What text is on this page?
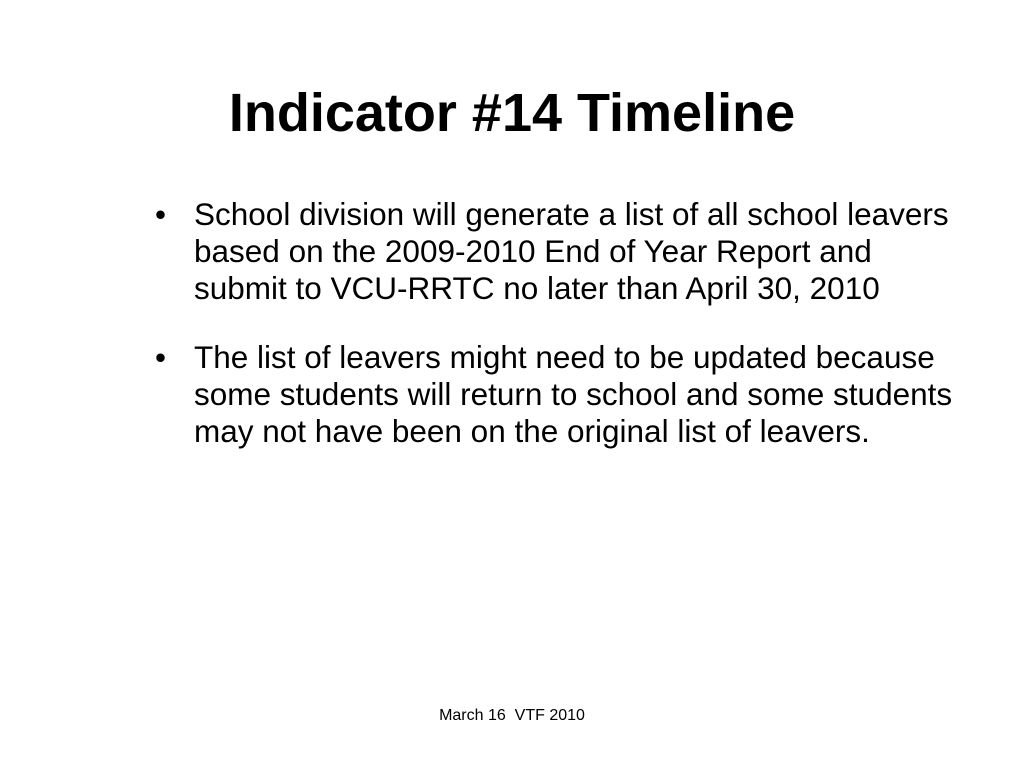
Indicator #14 Timeline
• School division will generate a list of all school leavers based on the 2009-2010 End of Year Report and submit to VCU-RRTC no later than April 30, 2010
• The list of leavers might need to be updated because some students will return to school and some students may not have been on the original list of leavers.
March 16  VTF 2010
